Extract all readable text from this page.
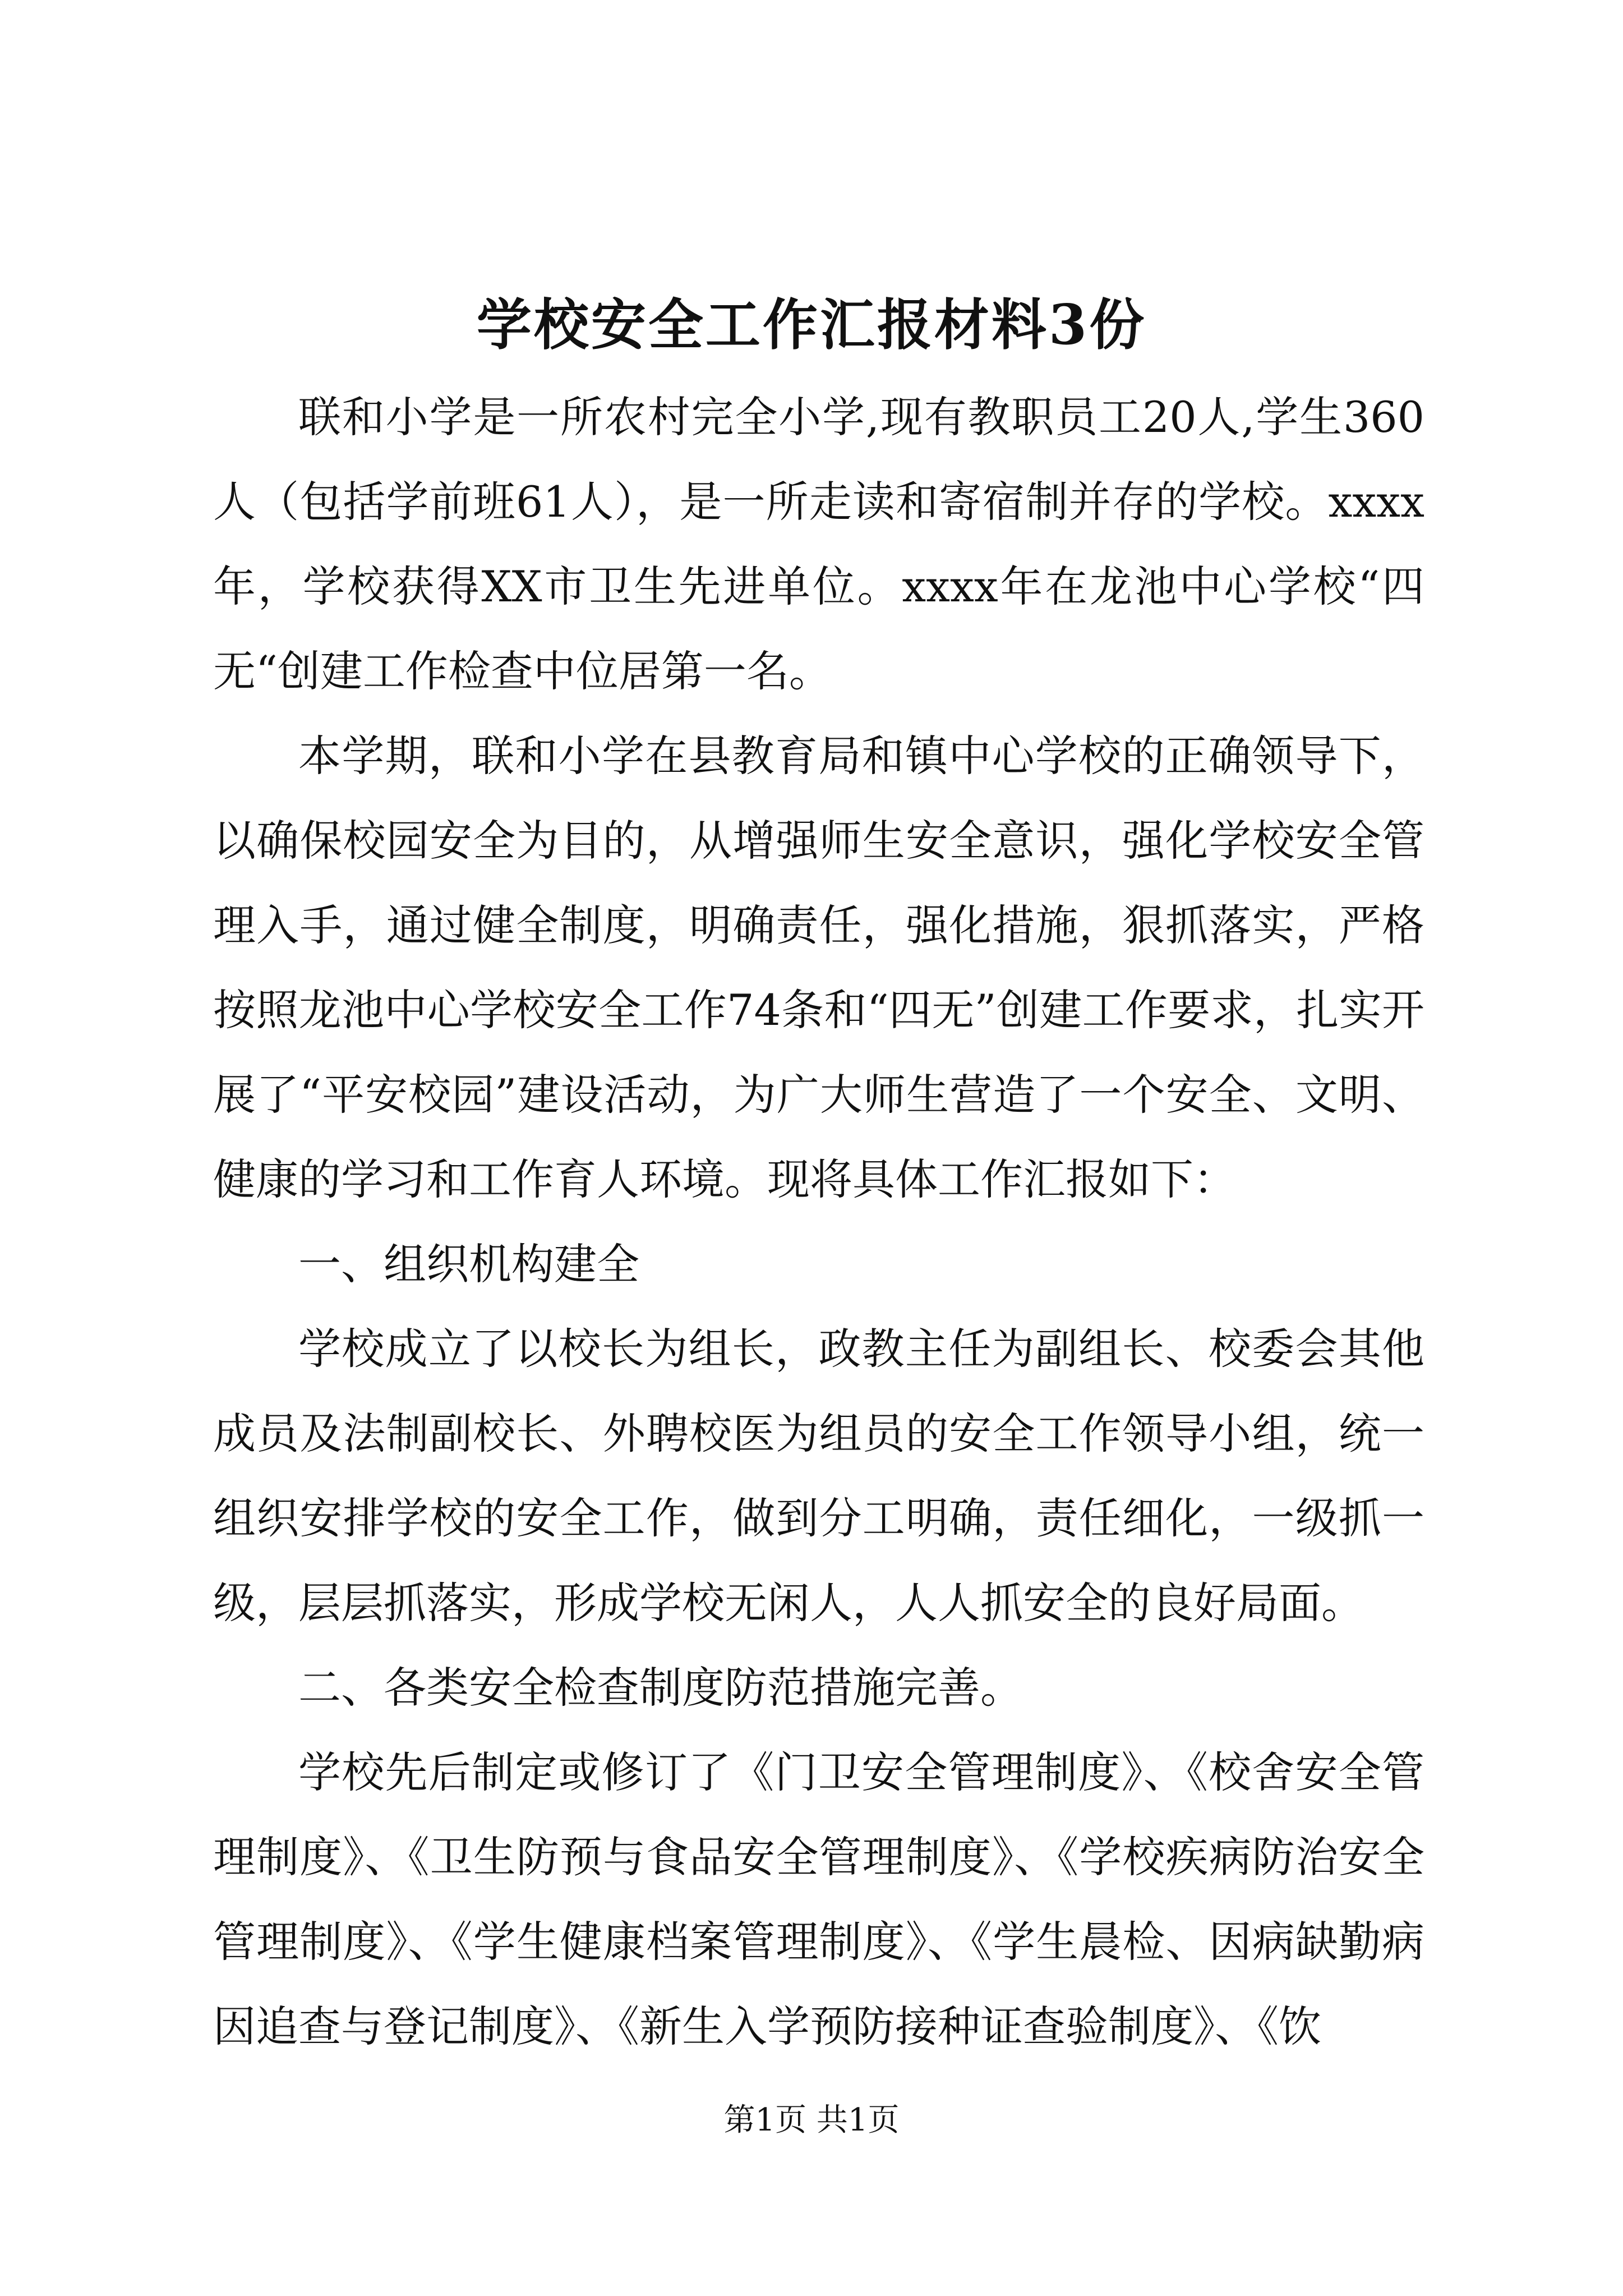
学校安全工作汇报材料3份

联和小学是一所农村完全小学,现有教职员工20人,学生360人（包括学前班61人），是一所走读和寄宿制并存的学校。xxxx年，学校获得XX市卫生先进单位。xxxx年在龙池中心学校“四无“创建工作检查中位居第一名。

本学期，联和小学在县教育局和镇中心学校的正确领导下，以确保校园安全为目的，从增强师生安全意识，强化学校安全管理入手，通过健全制度，明确责任，强化措施，狠抓落实，严格按照龙池中心学校安全工作74条和“四无”创建工作要求，扎实开展了“平安校园”建设活动，为广大师生营造了一个安全、文明、健康的学习和工作育人环境。现将具体工作汇报如下：

一、组织机构建全

学校成立了以校长为组长，政教主任为副组长、校委会其他成员及法制副校长、外聘校医为组员的安全工作领导小组，统一组织安排学校的安全工作，做到分工明确，责任细化，一级抓一级，层层抓落实，形成学校无闲人，人人抓安全的良好局面。

二、各类安全检查制度防范措施完善。

学校先后制定或修订了《门卫安全管理制度》、《校舍安全管理制度》、《卫生防预与食品安全管理制度》、《学校疾病防治安全管理制度》、《学生健康档案管理制度》、《学生晨检、因病缺勤病因追查与登记制度》、《新生入学预防接种证查验制度》、《饮

第1页 共1页
